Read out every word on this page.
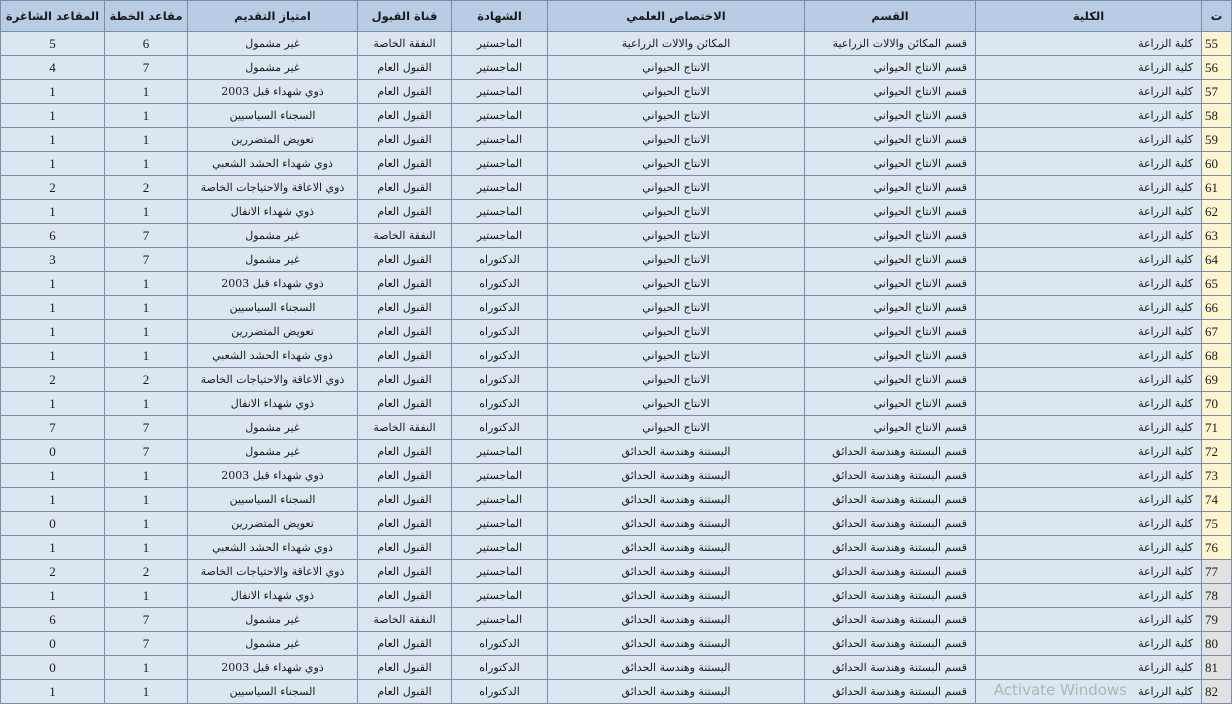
ت	الكلية	القسم	الاختصاص العلمي	الشهادة	قناة القبول	امتياز التقديم	مقاعد الخطة	المقاعد الشاغرة
55	كلية الزراعة	قسم المكائن والالات الزراعية	المكائن والالات الزراعية	الماجستير	النفقة الخاصة	غير مشمول	6	5
56	كلية الزراعة	قسم الانتاج الحيواني	الانتاج الحيواني	الماجستير	القبول العام	غير مشمول	7	4
57	كلية الزراعة	قسم الانتاج الحيواني	الانتاج الحيواني	الماجستير	القبول العام	ذوي شهداء قبل 2003	1	1
58	كلية الزراعة	قسم الانتاج الحيواني	الانتاج الحيواني	الماجستير	القبول العام	السجناء السياسيين	1	1
59	كلية الزراعة	قسم الانتاج الحيواني	الانتاج الحيواني	الماجستير	القبول العام	تعويض المتضررين	1	1
60	كلية الزراعة	قسم الانتاج الحيواني	الانتاج الحيواني	الماجستير	القبول العام	ذوي شهداء الحشد الشعبي	1	1
61	كلية الزراعة	قسم الانتاج الحيواني	الانتاج الحيواني	الماجستير	القبول العام	ذوي الاعاقة والاحتياجات الخاصة	2	2
62	كلية الزراعة	قسم الانتاج الحيواني	الانتاج الحيواني	الماجستير	القبول العام	ذوي شهداء الانفال	1	1
63	كلية الزراعة	قسم الانتاج الحيواني	الانتاج الحيواني	الماجستير	النفقة الخاصة	غير مشمول	7	6
64	كلية الزراعة	قسم الانتاج الحيواني	الانتاج الحيواني	الدكتوراه	القبول العام	غير مشمول	7	3
65	كلية الزراعة	قسم الانتاج الحيواني	الانتاج الحيواني	الدكتوراه	القبول العام	ذوي شهداء قبل 2003	1	1
66	كلية الزراعة	قسم الانتاج الحيواني	الانتاج الحيواني	الدكتوراه	القبول العام	السجناء السياسيين	1	1
67	كلية الزراعة	قسم الانتاج الحيواني	الانتاج الحيواني	الدكتوراه	القبول العام	تعويض المتضررين	1	1
68	كلية الزراعة	قسم الانتاج الحيواني	الانتاج الحيواني	الدكتوراه	القبول العام	ذوي شهداء الحشد الشعبي	1	1
69	كلية الزراعة	قسم الانتاج الحيواني	الانتاج الحيواني	الدكتوراه	القبول العام	ذوي الاعاقة والاحتياجات الخاصة	2	2
70	كلية الزراعة	قسم الانتاج الحيواني	الانتاج الحيواني	الدكتوراه	القبول العام	ذوي شهداء الانفال	1	1
71	كلية الزراعة	قسم الانتاج الحيواني	الانتاج الحيواني	الدكتوراه	النفقة الخاصة	غير مشمول	7	7
72	كلية الزراعة	قسم البستنة وهندسة الحدائق	البستنة وهندسة الحدائق	الماجستير	القبول العام	غير مشمول	7	0
73	كلية الزراعة	قسم البستنة وهندسة الحدائق	البستنة وهندسة الحدائق	الماجستير	القبول العام	ذوي شهداء قبل 2003	1	1
74	كلية الزراعة	قسم البستنة وهندسة الحدائق	البستنة وهندسة الحدائق	الماجستير	القبول العام	السجناء السياسيين	1	1
75	كلية الزراعة	قسم البستنة وهندسة الحدائق	البستنة وهندسة الحدائق	الماجستير	القبول العام	تعويض المتضررين	1	0
76	كلية الزراعة	قسم البستنة وهندسة الحدائق	البستنة وهندسة الحدائق	الماجستير	القبول العام	ذوي شهداء الحشد الشعبي	1	1
77	كلية الزراعة	قسم البستنة وهندسة الحدائق	البستنة وهندسة الحدائق	الماجستير	القبول العام	ذوي الاعاقة والاحتياجات الخاصة	2	2
78	كلية الزراعة	قسم البستنة وهندسة الحدائق	البستنة وهندسة الحدائق	الماجستير	القبول العام	ذوي شهداء الانفال	1	1
79	كلية الزراعة	قسم البستنة وهندسة الحدائق	البستنة وهندسة الحدائق	الماجستير	النفقة الخاصة	غير مشمول	7	6
80	كلية الزراعة	قسم البستنة وهندسة الحدائق	البستنة وهندسة الحدائق	الدكتوراه	القبول العام	غير مشمول	7	0
81	كلية الزراعة	قسم البستنة وهندسة الحدائق	البستنة وهندسة الحدائق	الدكتوراه	القبول العام	ذوي شهداء قبل 2003	1	0
82	كلية الزراعة	قسم البستنة وهندسة الحدائق	البستنة وهندسة الحدائق	الدكتوراه	القبول العام	السجناء السياسيين	1	1	Activate Windows
